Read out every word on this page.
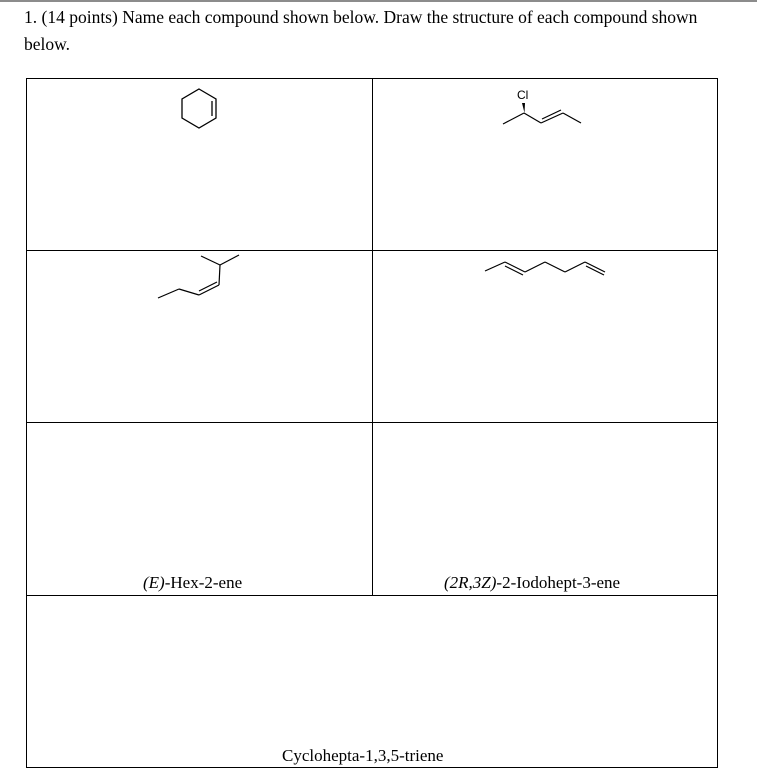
1. (14 points) Name each compound shown below. Draw the structure of each compound shown below.
Cl
(E)-Hex-2-ene	(2R,3Z)-2-Iodohept-3-ene
Cyclohepta-1,3,5-triene
